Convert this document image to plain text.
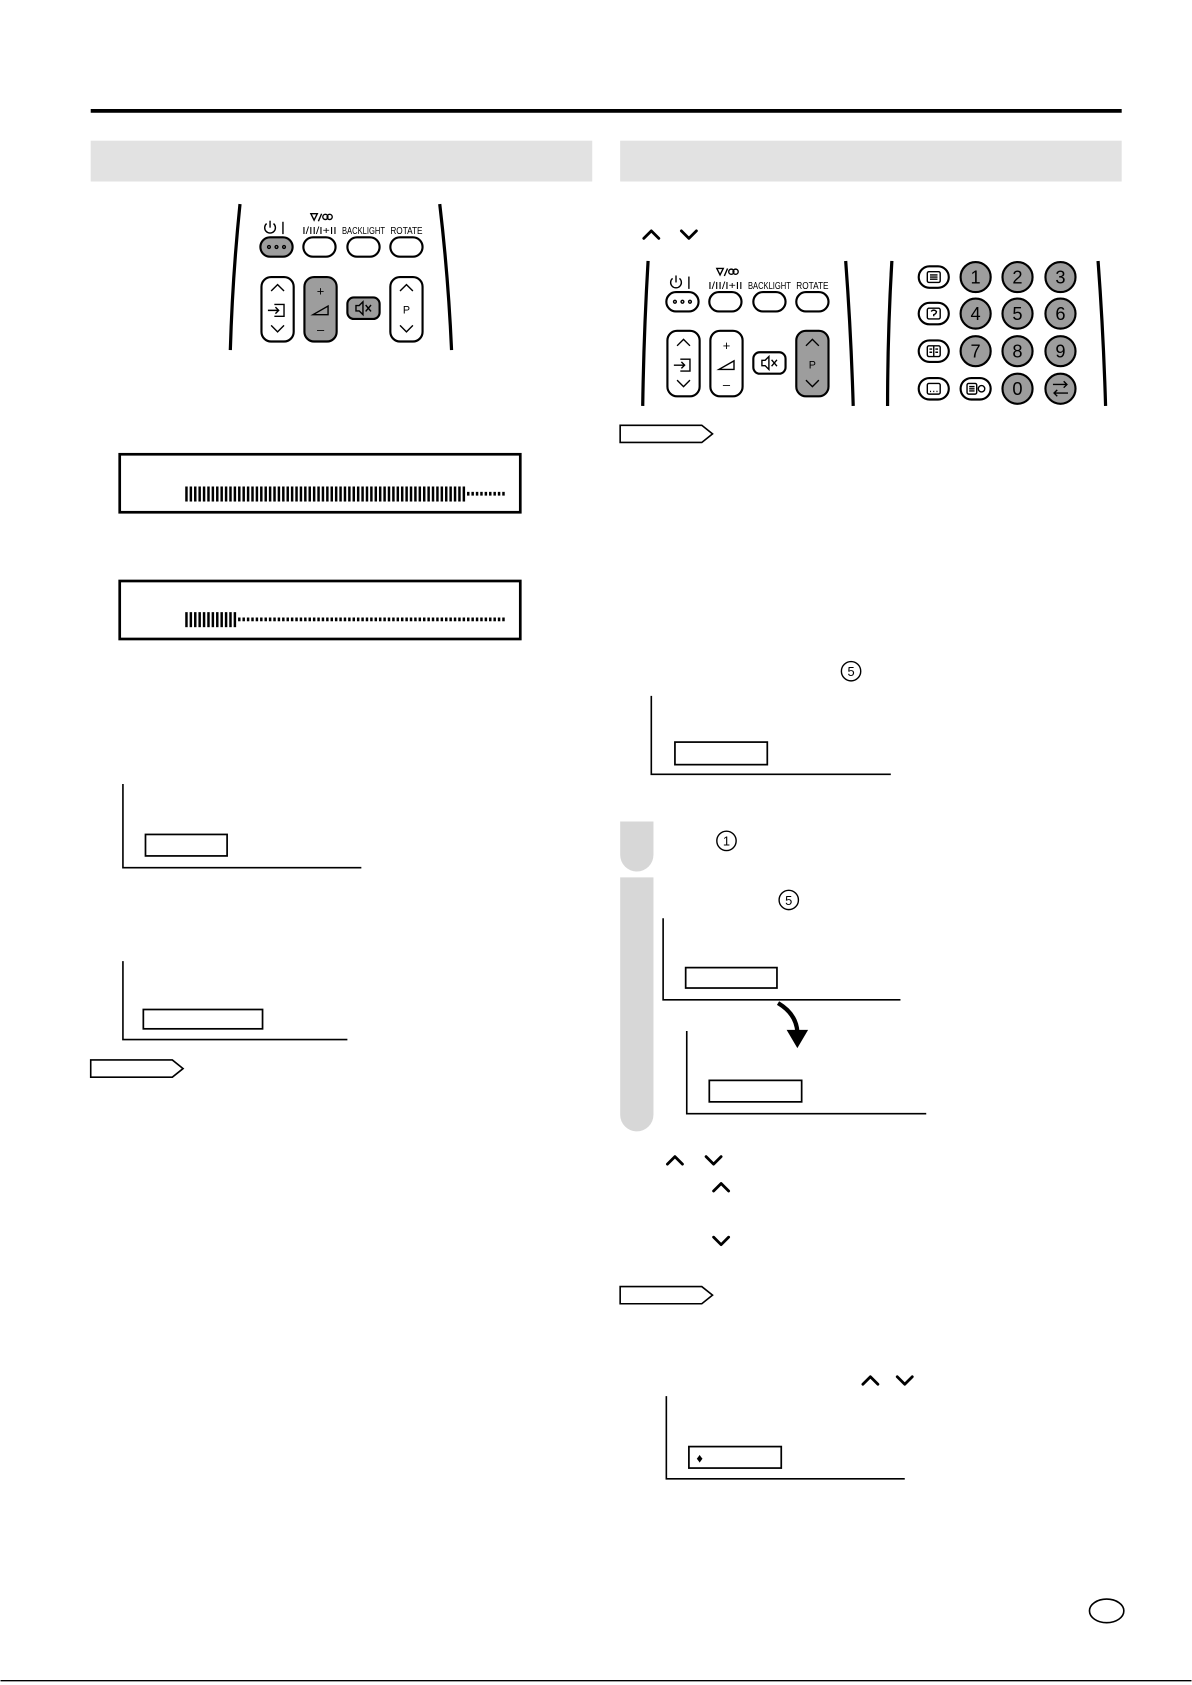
I/II/I+II BACKLIGHT ROTATE
+
–
P
I/II/I+II BACKLIGHT ROTATE
+
–
P
1 2 3
4 5 6
7 8 9
0
5
1
5
♦
